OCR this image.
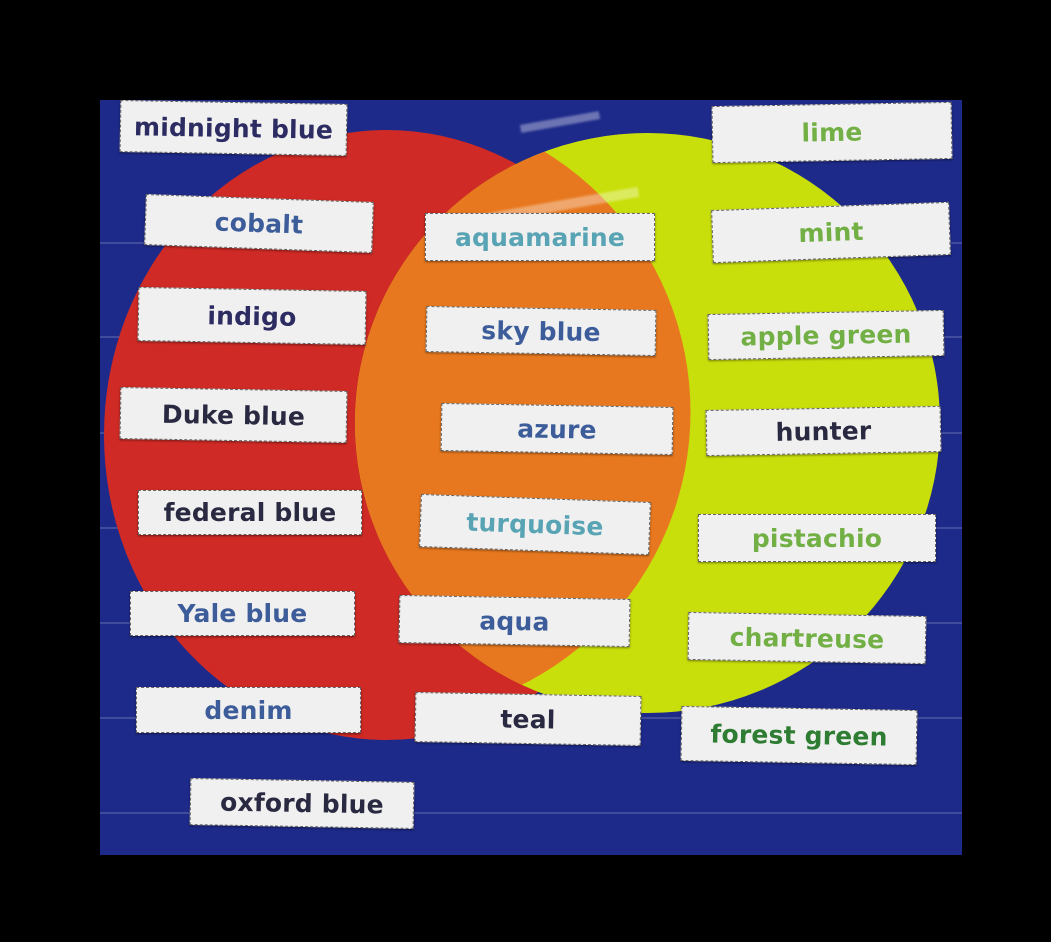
midnight blue	lime
cobalt	aquamarine	mint
indigo	sky blue	apple green
Duke blue	azure	hunter
federal blue	turquoise	pistachio
Yale blue	aqua
chartreuse
denim	teal
forest green
oxford blue
